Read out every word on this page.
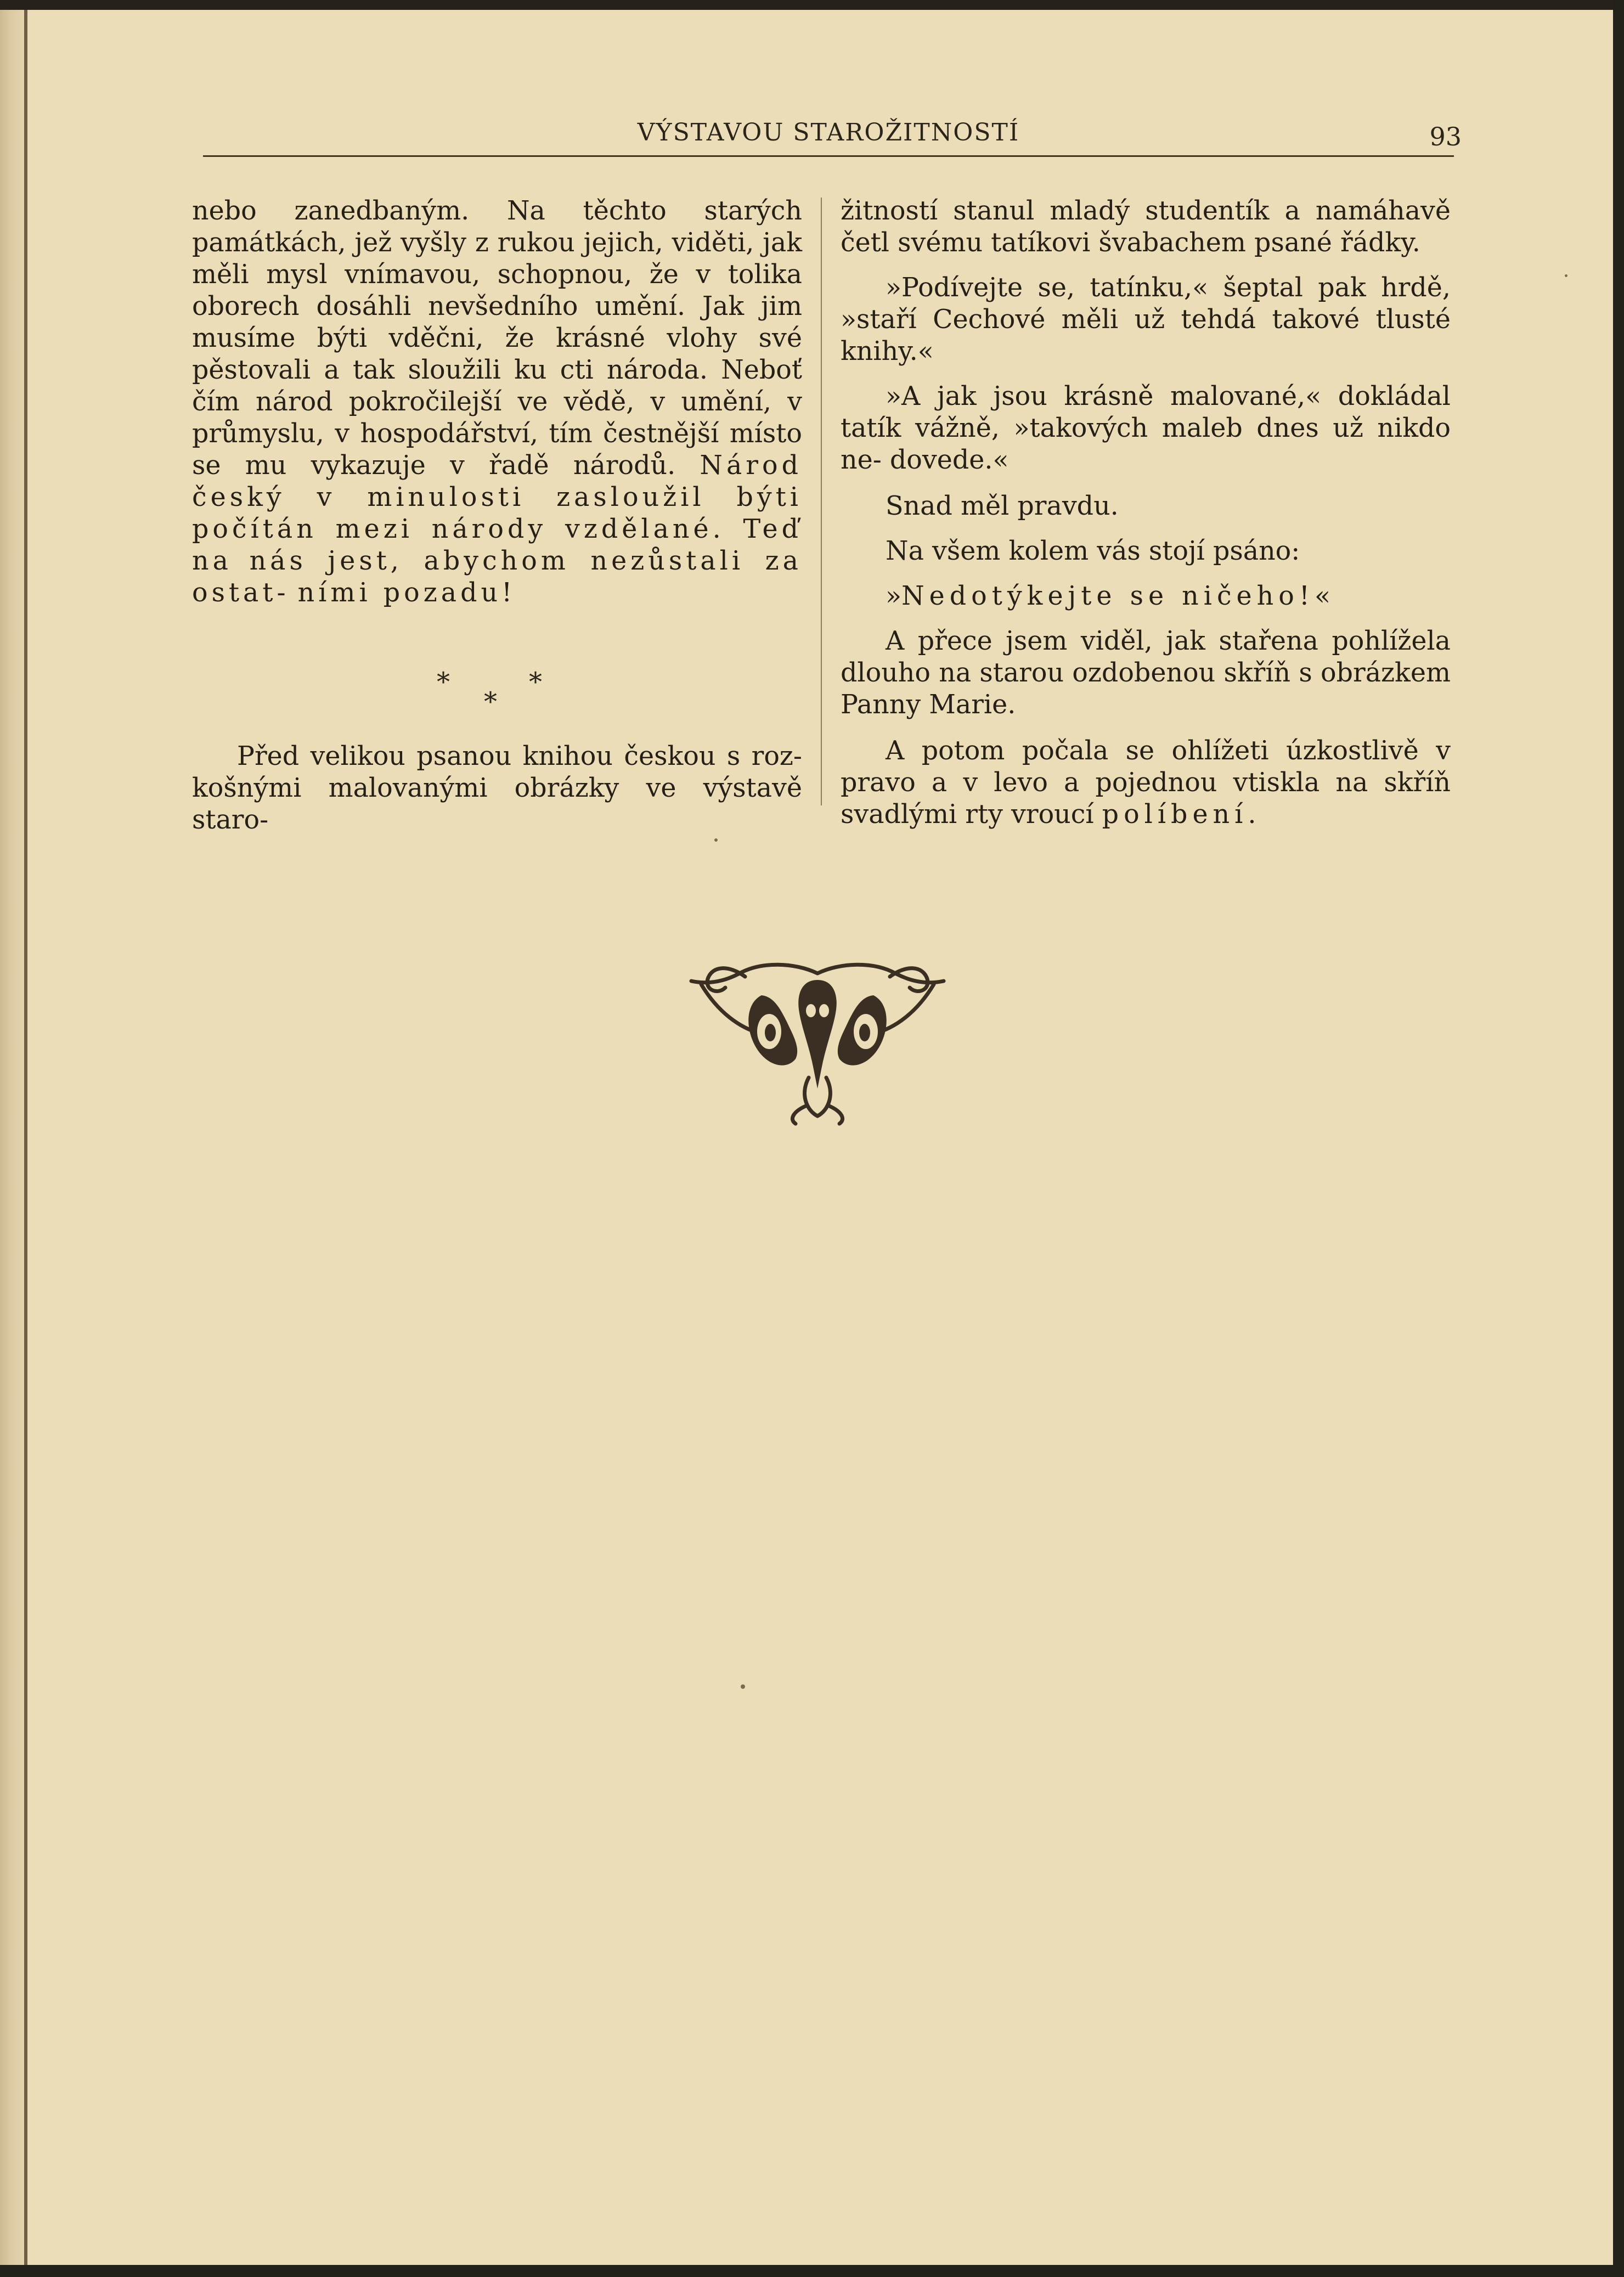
VÝSTAVOU STAROŽITNOSTÍ	93

nebo zanedbaným. Na těchto starých památkách, jež vyšly z rukou jejich, viděti, jak měli mysl vnímavou, schopnou, že v tolika oborech dosáhli nevšedního umění. Jak jim musíme býti vděčni, že krásné vlohy své pěstovali a tak sloužili ku cti národa. Neboť čím národ pokročilejší ve vědě, v umění, v průmyslu, v hospodářství, tím čestnější místo se mu vykazuje v řadě národů. Národ český v minulosti zasloužil býti počítán mezi národy vzdělané. Teď na nás jest, abychom nezůstali za ostat- ními pozadu!

*
*
*

Před velikou psanou knihou českou s roz- košnými malovanými obrázky ve výstavě staro-

žitností stanul mladý studentík a namáhavě četl svému tatíkovi švabachem psané řádky.

»Podívejte se, tatínku,« šeptal pak hrdě, »staří Cechové měli už tehdá takové tlusté knihy.«

»A jak jsou krásně malované,« dokládal tatík vážně, »takových maleb dnes už nikdo ne- dovede.«

Snad měl pravdu.

Na všem kolem vás stojí psáno:

»Nedotýkejte se ničeho!«

A přece jsem viděl, jak stařena pohlížela dlouho na starou ozdobenou skříň s obrázkem Panny Marie.

A potom počala se ohlížeti úzkostlivě v pravo a v levo a pojednou vtiskla na skříň svadlými rty vroucí políbení.
